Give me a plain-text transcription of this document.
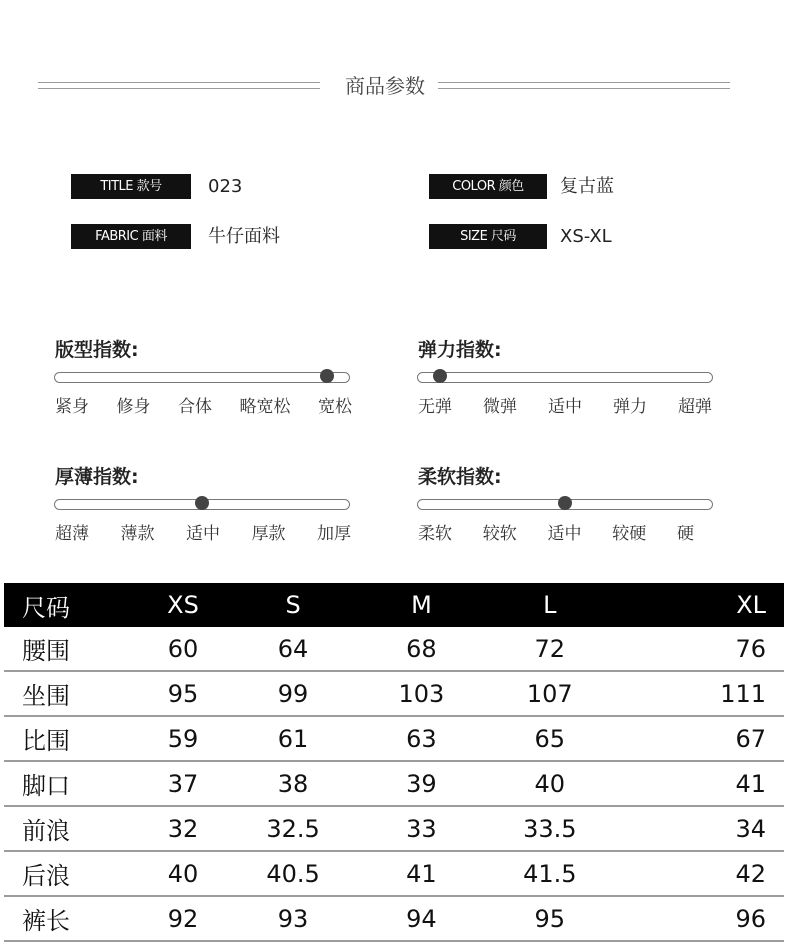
商品参数
TITLE 款号	023
FABRIC 面料	牛仔面料
COLOR 颜色	复古蓝
SIZE 尺码	XS-XL
版型指数:
紧身 修身 合体 略宽松 宽松
弹力指数:
无弹 微弹 适中 弹力 超弹
厚薄指数:
超薄 薄款 适中 厚款 加厚
柔软指数:
柔软 较软 适中 较硬 硬
尺码	XS	S	M	L	XL
腰围	60	64	68	72	76
坐围	95	99	103	107	111
比围	59	61	63	65	67
脚口	37	38	39	40	41
前浪	32	32.5	33	33.5	34
后浪	40	40.5	41	41.5	42
裤长	92	93	94	95	96
